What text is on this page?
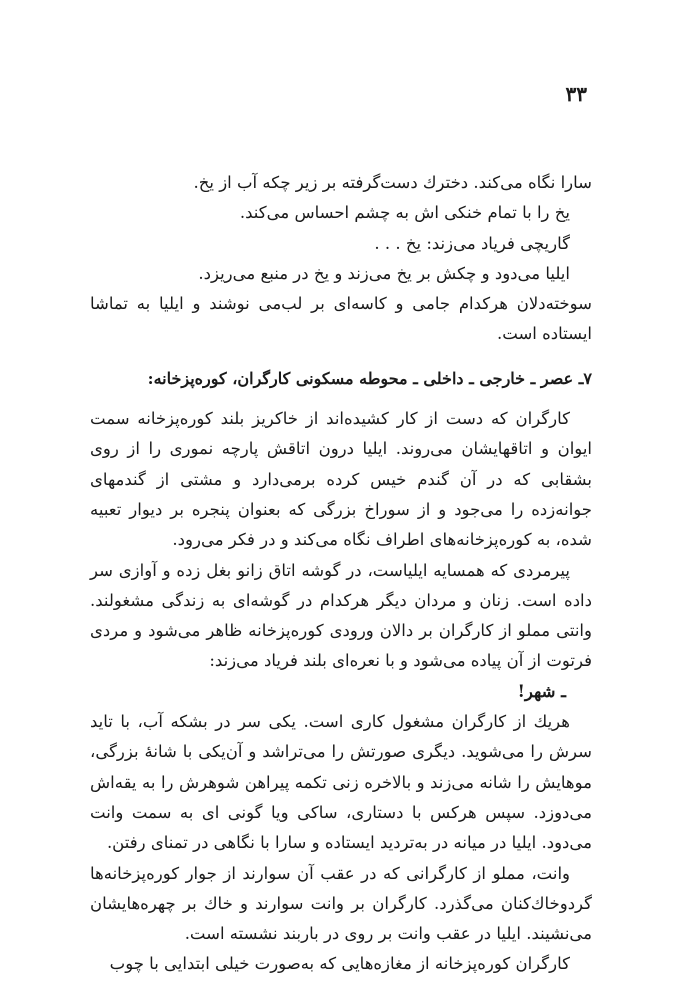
۳۳

سارا نگاه می‌کند. دخترك دست‌گرفته بر زیر چکه آب از یخ.

یخ را با تمام خنکی اش به چشم احساس می‌کند.

گاریچی فریاد می‌زند: یخ . . .

ایلیا می‌دود و چکش بر یخ می‌زند و یخ در منبع می‌ریزد.

سوخته‌دلان هرکدام جامی و کاسه‌ای بر لب‌می نوشند و ایلیا به تماشا ایستاده است.

۷ـ عصر ـ خارجی ـ داخلی ـ محوطه مسکونی کارگران، کوره‌پزخانه:

کارگران که دست از کار کشیده‌اند از خاکریز بلند کوره‌پزخانه سمت ایوان و اتاقهایشان می‌روند. ایلیا درون اتاقش پارچه نموری را از روی بشقابی که در آن گندم خیس کرده برمی‌دارد و مشتی از گندمهای جوانه‌زده را می‌جود و از سوراخ بزرگی که بعنوان پنجره بر دیوار تعبیه شده، به کوره‌پزخانه‌های اطراف نگاه می‌کند و در فکر می‌رود.

پیرمردی که همسایه ایلیاست، در گوشه اتاق زانو بغل زده و آوازی سر داده است. زنان و مردان دیگر هرکدام در گوشه‌ای به زندگی مشغولند. وانتی مملو از کارگران بر دالان ورودی کوره‌پزخانه ظاهر می‌شود و مردی فرتوت از آن پیاده می‌شود و با نعره‌ای بلند فریاد می‌زند:

ـ شهر!

هریك از کارگران مشغول کاری است. یکی سر در بشکه آب، با تاید سرش را می‌شوید. دیگری صورتش را می‌تراشد و آن‌یکی با شانهٔ بزرگی، موهایش را شانه می‌زند و بالاخره زنی تکمه پیراهن شوهرش را به یقه‌اش می‌دوزد. سپس هرکس با دستاری، ساکی ویا گونی ای به سمت وانت می‌دود. ایلیا در میانه در به‌تردید ایستاده و سارا با نگاهی در تمنای رفتن.

وانت، مملو از کارگرانی که در عقب آن سوارند از جوار کوره‌پزخانه‌ها گردوخاك‌کنان می‌گذرد. کارگران بر وانت سوارند و خاك بر چهره‌هایشان می‌نشیند. ایلیا در عقب وانت بر روی در باربند نشسته است.

کارگران کوره‌پزخانه از مغازه‌هایی که به‌صورت خیلی ابتدایی با چوب
